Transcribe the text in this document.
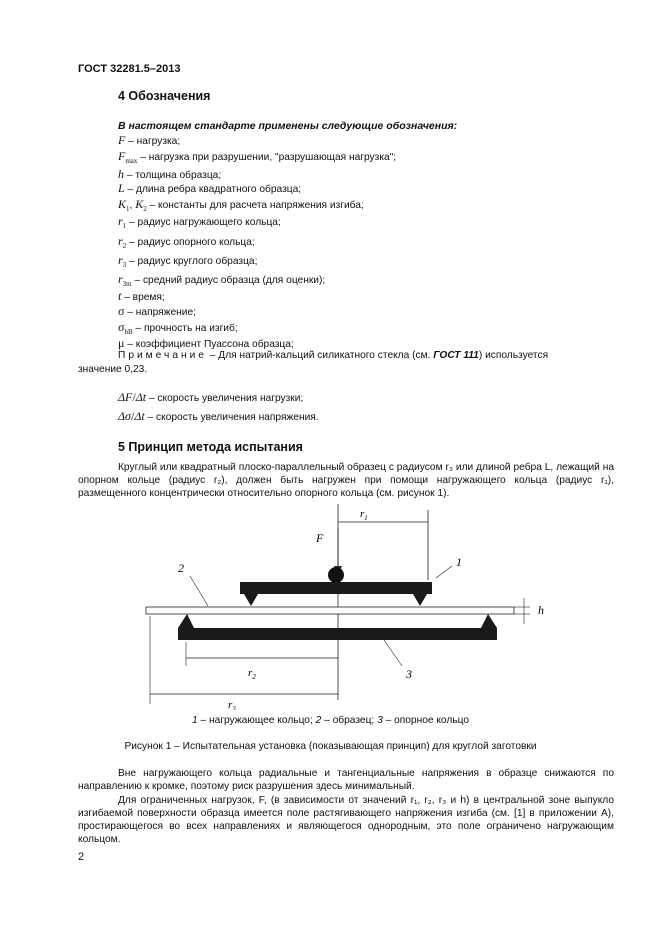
ГОСТ 32281.5–2013
4 Обозначения
В настоящем стандарте применены следующие обозначения:
F – нагрузка;
$F_{max}$ – нагрузка при разрушении, "разрушающая нагрузка";
h – толщина образца;
L – длина ребра квадратного образца;
$K_1$, $K_2$ – константы для расчета напряжения изгиба;
$r_1$ – радиус нагружающего кольца;
$r_2$ – радиус опорного кольца;
$r_3$ – радиус круглого образца;
$r_{3m}$ – средний радиус образца (для оценки);
t – время;
σ – напряжение;
$\sigma_{bB}$ – прочность на изгиб;
μ – коэффициент Пуассона образца;
Примечание – Для натрий-кальций силикатного стекла (см. ГОСТ 111) используется
значение 0,23.
ΔF/Δt – скорость увеличения нагрузки;
Δσ/Δt – скорость увеличения напряжения.
5 Принцип метода испытания
Круглый или квадратный плоско-параллельный образец с радиусом r₃ или длиной ребра L, лежащий на опорном кольце (радиус r₂), должен быть нагружен при помощи нагружающего кольца (радиус r₁), размещенного концентрически относительно опорного кольца (см. рисунок 1).
$r_1$
F
h
1
2
3
$r_2$
$r_3$
1 – нагружающее кольцо; 2 – образец; 3 – опорное кольцо
Рисунок 1 – Испытательная установка (показывающая принцип) для круглой заготовки
Вне нагружающего кольца радиальные и тангенциальные напряжения в образце снижаются по направлению к кромке, поэтому риск разрушения здесь минимальный.
Для ограниченных нагрузок, F, (в зависимости от значений r₁, r₂, r₃ и h) в центральной зоне выпукло изгибаемой поверхности образца имеется поле растягивающего напряжения изгиба (см. [1] в приложении А), простирающегося во всех направлениях и являющегося однородным, это поле ограничено нагружающим кольцом.
2
